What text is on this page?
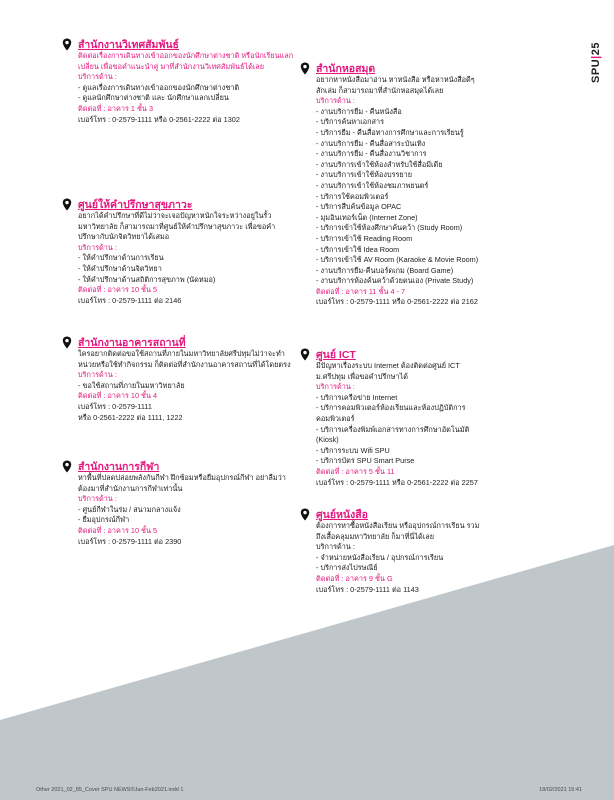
SPU|25
สำนักงานวิเทศสัมพันธ์

ติดต่อเรื่องการเดินทางเข้าออกของนักศึกษาต่างชาติ หรือนักเรียนแลกเปลี่ยน เพื่อขอคำแนะนำคู่ มาที่สำนักงานวิเทศสัมพันธ์ได้เลย

บริการด้าน :

- ดูแลเรื่องการเดินทางเข้าออกของนักศึกษาต่างชาติ
- ดูแลนักศึกษาต่างชาติ และ นักศึกษาแลกเปลี่ยน

ติดต่อที่ : อาคาร 1 ชั้น 3

เบอร์โทร : 0-2579-1111 หรือ 0-2561-2222 ต่อ 1302

ศูนย์ให้คำปรึกษาสุขภาวะ

อยากได้คำปรึกษาที่ดีไม่ว่าจะเจอปัญหาหนักใจระหว่างอยู่ในรั้วมหาวิทยาลัย ก็สามารถมาที่ศูนย์ให้คำปรึกษาสุขภาวะ เพื่อขอคำปรึกษากับนักจิตวิทยาได้เสมอ

บริการด้าน :

- ให้คำปรึกษาด้านการเรียน
- ให้คำปรึกษาด้านจิตวิทยา
- ให้คำปรึกษาด้านสถิติการสุขภาพ (นัดหมอ)

ติดต่อที่ : อาคาร 10 ชั้น 5

เบอร์โทร : 0-2579-1111 ต่อ 2146

สำนักงานอาคารสถานที่

ใครอยากติดต่อขอใช้สถานที่ภายในมหาวิทยาลัยศรีปทุมไม่ว่าจะทำหน่วยหรือใช้ทำกิจกรรม ก็ติดต่อที่สำนักงานอาคารสถานที่ได้โดยตรง

บริการด้าน :

- ขอใช้สถานที่ภายในมหาวิทยาลัย

ติดต่อที่ : อาคาร 10 ชั้น 4

เบอร์โทร : 0-2579-1111

หรือ 0-2561-2222 ต่อ 1111, 1222

สำนักงานการกีฬา

หาพื้นที่ปลดปล่อยพลังกันกีฬา ฝึกซ้อมหรือยืมอุปกรณ์กีฬา อย่าลืมว่าต้องมาที่สำนักงานการกีฬาเท่านั้น

บริการด้าน :

- ศูนย์กีฬาในร่ม / สนามกลางแจ้ง
- ยืมอุปกรณ์กีฬา

ติดต่อที่ : อาคาร 10 ชั้น 5

เบอร์โทร : 0-2579-1111 ต่อ 2390

สำนักหอสมุด

อยากหาหนังสือมาอ่าน หาหนังสือ หรือหาหนังสือดีๆ สักเล่ม ก็สามารถมาที่สำนักหอสมุดได้เลย

บริการด้าน :

- งานบริการยืม - คืนหนังสือ
- บริการค้นหาเอกสาร
- บริการยืม - คืนสื่อทางการศึกษาและการเรียนรู้
- งานบริการยืม - คืนสื่อสาระบันเทิง
- งานบริการยืม - คืนสื่องานวิชาการ
- งานบริการเข้าใช้ห้องสำหรับใช้สื่อมีเดีย
- งานบริการเข้าใช้ห้องบรรยาย
- งานบริการเข้าใช้ห้องชมภาพยนตร์
- บริการใช้คอมพิวเตอร์
- บริการสืบค้นข้อมูล OPAC
- มุมอินเทอร์เน็ต (Internet Zone)
- บริการเข้าใช้ห้องศึกษาค้นคว้า (Study Room)
- บริการเข้าใช้ Reading Room
- บริการเข้าใช้ Idea Room
- บริการเข้าใช้ AV Room (Karaoke & Movie Room)
- งานบริการยืม-คืนบอร์ดเกม (Board Game)
- งานบริการห้องค้นคว้าด้วยตนเอง (Private Study)

ติดต่อที่ : อาคาร 11 ชั้น 4 - 7

เบอร์โทร : 0-2579-1111 หรือ 0-2561-2222 ต่อ 2162

ศูนย์ ICT

มีปัญหาเรื่องระบบ Internet ต้องติดต่อศูนย์ ICT ม.ศรีปทุม เพื่อขอคำปรึกษาได้

บริการด้าน :

- บริการเครือข่าย Internet
- บริการคอมพิวเตอร์ห้องเรียนและห้องปฏิบัติการคอมพิวเตอร์
- บริการเครื่องพิมพ์เอกสารทางการศึกษาอัตโนมัติ (Kiosk)
- บริการระบบ Wifi SPU
- บริการบัตร SPU Smart Purse

ติดต่อที่ : อาคาร 5 ชั้น 11

เบอร์โทร : 0-2579-1111 หรือ 0-2561-2222 ต่อ 2257

ศูนย์หนังสือ

ต้องการหาซื้อหนังสือเรียน หรืออุปกรณ์การเรียน รวมถึงเสื้อคลุมมหาวิทยาลัย ก็มาที่นี่ได้เลย

บริการด้าน :

- จำหน่ายหนังสือเรียน / อุปกรณ์การเรียน
- บริการส่งไปรษณีย์

ติดต่อที่ : อาคาร 9 ชั้น G

เบอร์โทร : 0-2579-1111 ต่อ 1143

Other 2021_02_85_Cover SPU NEWS®Jan-Feb2021.indd 1	18/02/2021 15:41
